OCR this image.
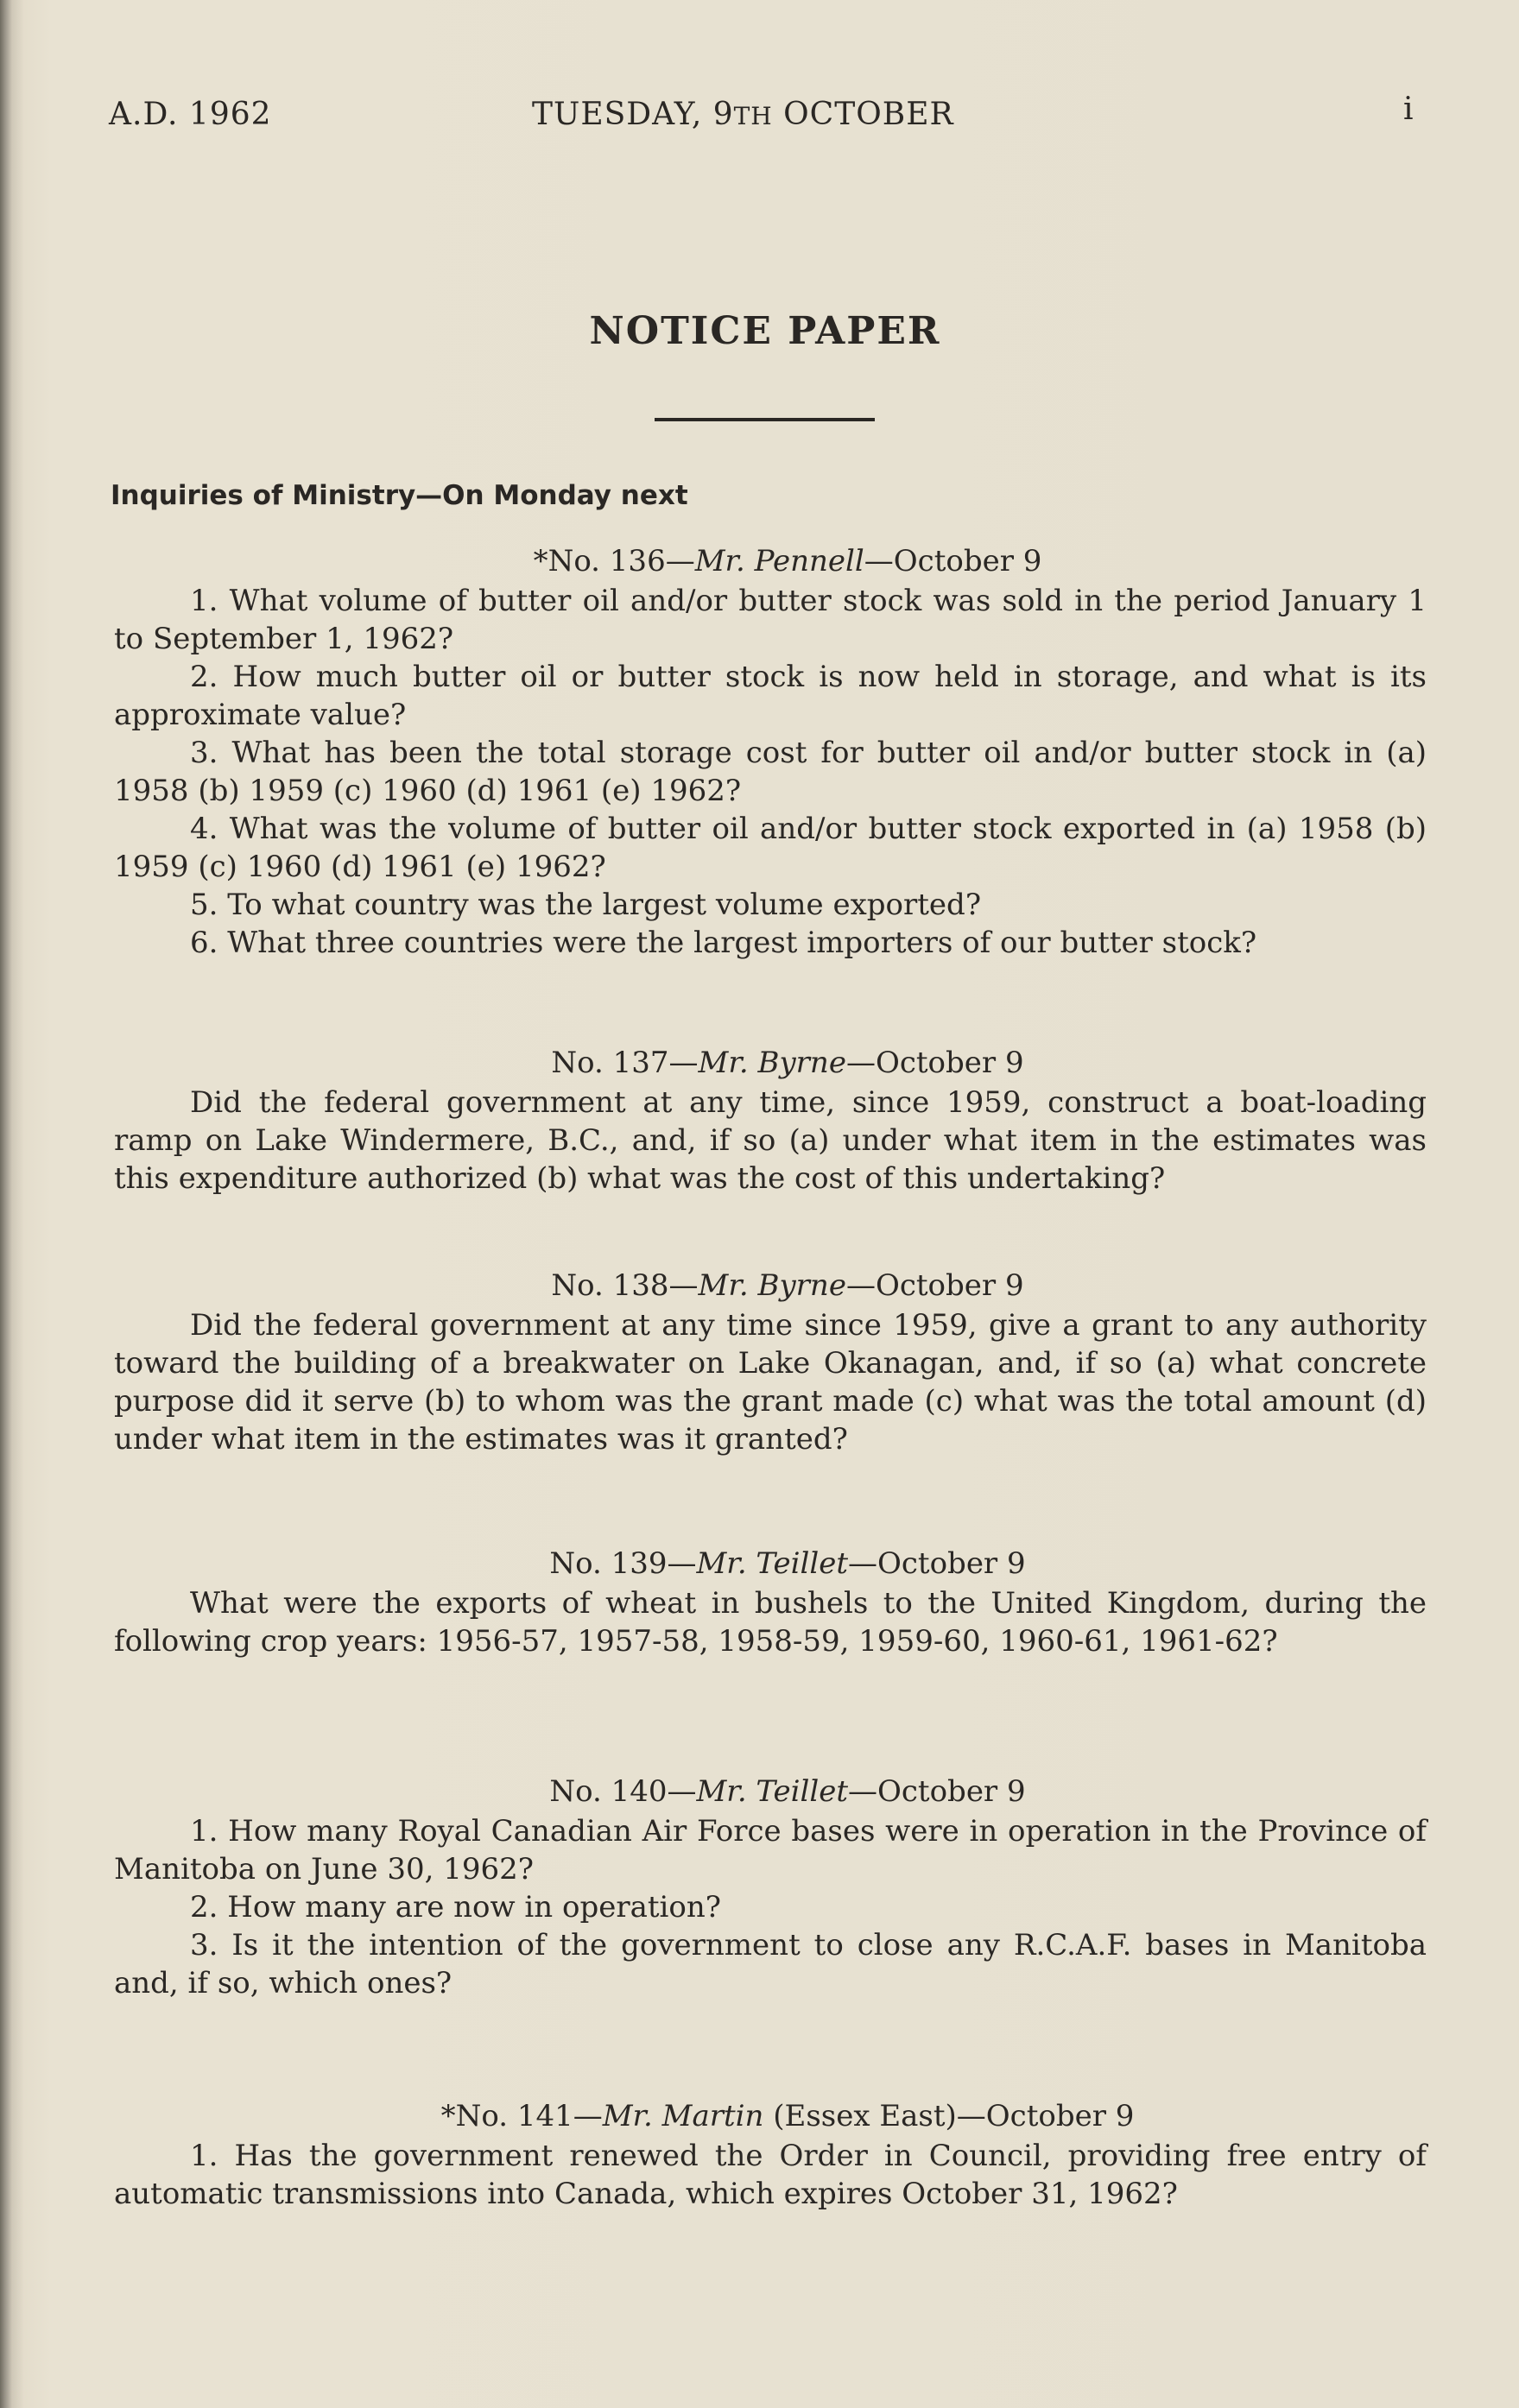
A.D. 1962	TUESDAY, 9TH OCTOBER	i
NOTICE PAPER
Inquiries of Ministry—On Monday next
*No. 136—Mr. Pennell—October 9

1. What volume of butter oil and/or butter stock was sold in the period January 1 to September 1, 1962?

2. How much butter oil or butter stock is now held in storage, and what is its approximate value?

3. What has been the total storage cost for butter oil and/or butter stock in (a) 1958 (b) 1959 (c) 1960 (d) 1961 (e) 1962?

4. What was the volume of butter oil and/or butter stock exported in (a) 1958 (b) 1959 (c) 1960 (d) 1961 (e) 1962?

5. To what country was the largest volume exported?

6. What three countries were the largest importers of our butter stock?

No. 137—Mr. Byrne—October 9

Did the federal government at any time, since 1959, construct a boat-loading ramp on Lake Windermere, B.C., and, if so (a) under what item in the estimates was this expenditure authorized (b) what was the cost of this undertaking?

No. 138—Mr. Byrne—October 9

Did the federal government at any time since 1959, give a grant to any authority toward the building of a breakwater on Lake Okanagan, and, if so (a) what concrete purpose did it serve (b) to whom was the grant made (c) what was the total amount (d) under what item in the estimates was it granted?

No. 139—Mr. Teillet—October 9

What were the exports of wheat in bushels to the United Kingdom, during the following crop years: 1956-57, 1957-58, 1958-59, 1959-60, 1960-61, 1961-62?

No. 140—Mr. Teillet—October 9

1. How many Royal Canadian Air Force bases were in operation in the Province of Manitoba on June 30, 1962?

2. How many are now in operation?

3. Is it the intention of the government to close any R.C.A.F. bases in Manitoba and, if so, which ones?

*No. 141—Mr. Martin (Essex East)—October 9

1. Has the government renewed the Order in Council, providing free entry of automatic transmissions into Canada, which expires October 31, 1962?
